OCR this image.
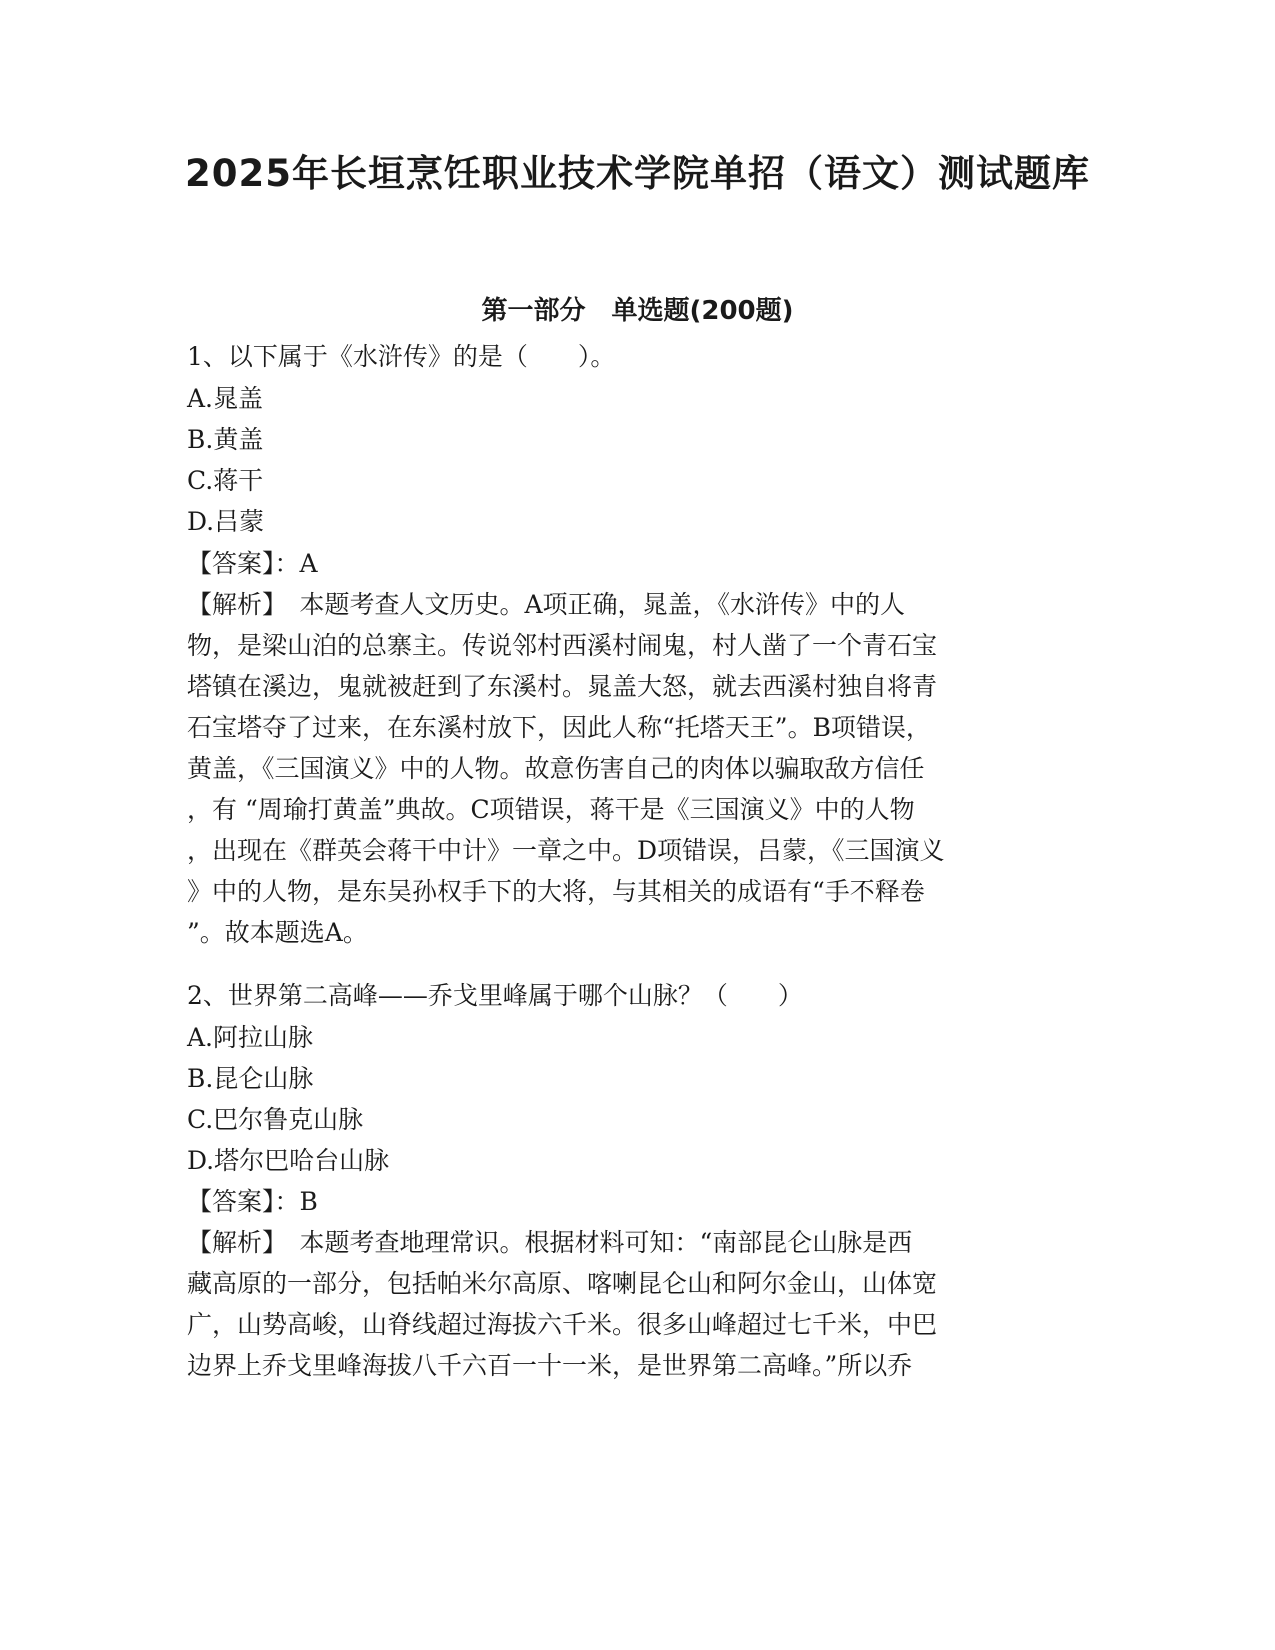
2025年长垣烹饪职业技术学院单招（语文）测试题库
第一部分　单选题(200题)

1、以下属于《水浒传》的是（　　）。

A.晁盖

B.黄盖

C.蒋干

D.吕蒙

【答案】：A

【解析】　本题考查人文历史。A项正确，晁盖，《水浒传》中的人

物，是梁山泊的总寨主。传说邻村西溪村闹鬼，村人凿了一个青石宝

塔镇在溪边，鬼就被赶到了东溪村。晁盖大怒，就去西溪村独自将青

石宝塔夺了过来，在东溪村放下，因此人称“托塔天王”。B项错误，

黄盖，《三国演义》中的人物。故意伤害自己的肉体以骗取敌方信任

，有 “周瑜打黄盖”典故。C项错误，蒋干是《三国演义》中的人物

，出现在《群英会蒋干中计》一章之中。D项错误，吕蒙，《三国演义

》中的人物，是东吴孙权手下的大将，与其相关的成语有“手不释卷

”。故本题选A。

2、世界第二高峰——乔戈里峰属于哪个山脉？（　　）

A.阿拉山脉

B.昆仑山脉

C.巴尔鲁克山脉

D.塔尔巴哈台山脉

【答案】：B

【解析】　本题考查地理常识。根据材料可知：“南部昆仑山脉是西

藏高原的一部分，包括帕米尔高原、喀喇昆仑山和阿尔金山，山体宽

广，山势高峻，山脊线超过海拔六千米。很多山峰超过七千米，中巴

边界上乔戈里峰海拔八千六百一十一米，是世界第二高峰。”所以乔
